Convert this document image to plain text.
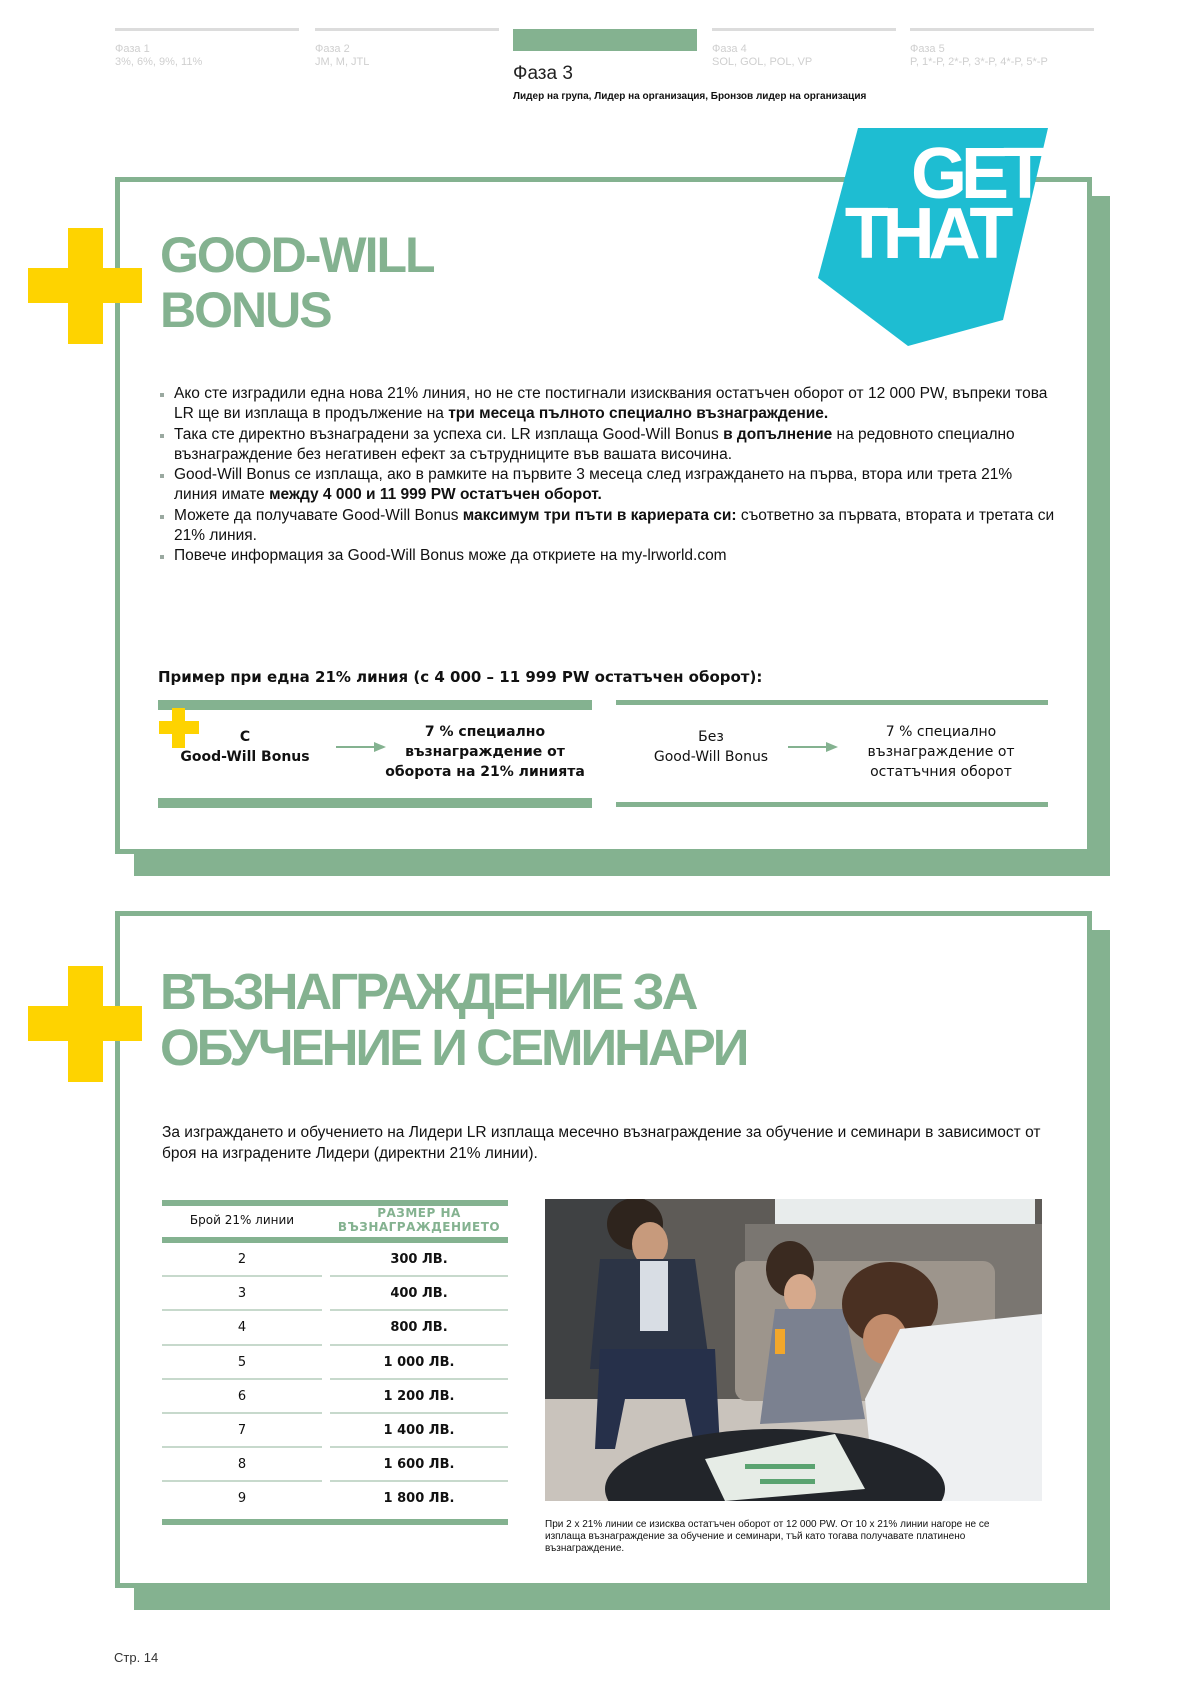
Фаза 1
3%, 6%, 9%, 11%
Фаза 2
JM, M, JTL
Фаза 3
Лидер на група, Лидер на организация, Бронзов лидер на организация
Фаза 4
SOL, GOL, POL, VP
Фаза 5
P, 1*-P, 2*-P, 3*-P, 4*-P, 5*-P
GOOD-WILL
BONUS
GET
THAT
Ако сте изградили една нова 21% линия, но не сте постигнали изисквания остатъчен оборот от 12 000 PW, въпреки това LR ще ви изплаща в продължение на три месеца пълното специално възнаграждение.
Така сте директно възнаградени за успеха си. LR изплаща Good-Will Bonus в допълнение на редовното специално възнаграждение без негативен ефект за сътрудниците във вашата височина.
Good-Will Bonus се изплаща, ако в рамките на първите 3 месеца след изграждането на първа, втора или трета 21% линия имате между 4 000 и 11 999 PW остатъчен оборот.
Можете да получавате Good-Will Bonus максимум три пъти в кариерата си: съответно за първата, втората и третата си 21% линия.
Повече информация за Good-Will Bonus може да откриете на my-lrworld.com
Пример при една 21% линия (с 4 000 – 11 999 PW остатъчен оборот):
С
Good-Will Bonus
7 % специално
възнаграждение от
оборота на 21% линията
Без
Good-Will Bonus
7 % специално
възнаграждение от
остатъчния оборот
ВЪЗНАГРАЖДЕНИЕ ЗА
ОБУЧЕНИЕ И СЕМИНАРИ

За изграждането и обучението на Лидери LR изплаща месечно възнаграждение за обучение и семинари в зависимост от броя на изградените Лидери (директни 21% линии).

Брой 21% линии	РАЗМЕР НА
ВЪЗНАГРАЖДЕНИЕТО
2	300 ЛВ.
3	400 ЛВ.
4	800 ЛВ.
5	1 000 ЛВ.
6	1 200 ЛВ.
7	1 400 ЛВ.
8	1 600 ЛВ.
9	1 800 ЛВ.

При 2 x 21% линии се изисква остатъчен оборот от 12 000 PW. От 10 x 21% линии нагоре не се изплаща възнаграждение за обучение и семинари, тъй като тогава получавате платинено възнаграждение.

Стр. 14
